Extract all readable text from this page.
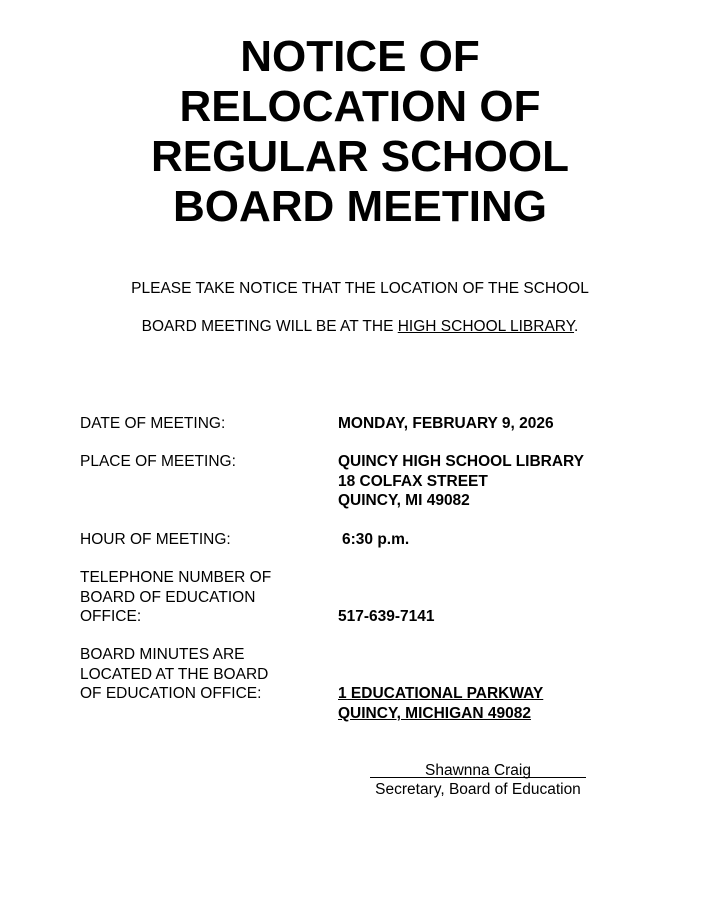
NOTICE OF
RELOCATION OF
REGULAR SCHOOL
BOARD MEETING
PLEASE TAKE NOTICE THAT THE LOCATION OF THE SCHOOL
BOARD MEETING WILL BE AT THE HIGH SCHOOL LIBRARY.
DATE OF MEETING:	MONDAY, FEBRUARY 9, 2026
PLACE OF MEETING:	QUINCY HIGH SCHOOL LIBRARY
18 COLFAX STREET
QUINCY, MI 49082
HOUR OF MEETING:	6:30 p.m.
TELEPHONE NUMBER OF
BOARD OF EDUCATION
OFFICE:	517-639-7141
BOARD MINUTES ARE
LOCATED AT THE BOARD
OF EDUCATION OFFICE:	1 EDUCATIONAL PARKWAY
QUINCY, MICHIGAN 49082
Shawnna Craig
Secretary, Board of Education
